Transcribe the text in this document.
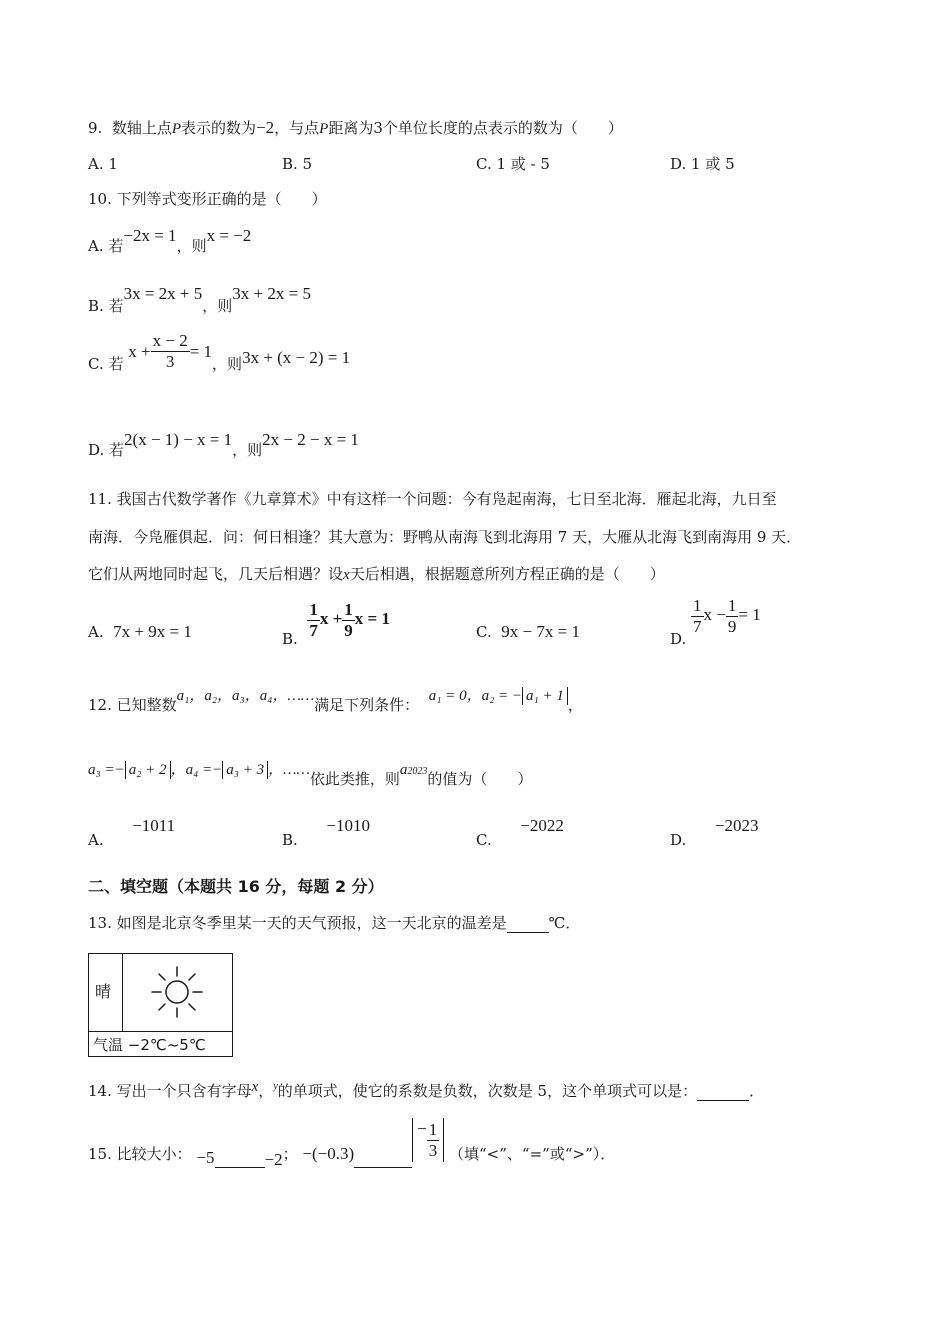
9. 数轴上点P表示的数为−2，与点P距离为3个单位长度的点表示的数为（　　）
A. 1	B. 5	C. 1 或 - 5	D. 1 或 5
10. 下列等式变形正确的是（　　）
A. 若−2x = 1，则x = −2
B. 若3x = 2x + 5，则3x + 2x = 5
C. 若 $x + \frac{x - 2}{3} = 1$，则3x + (x − 2) = 1
D. 若2(x − 1) − x = 1，则2x − 2 − x = 1
11. 我国古代数学著作《九章算术》中有这样一个问题：今有凫起南海，七日至北海．雁起北海，九日至
南海．今凫雁俱起．问：何日相逢？其大意为：野鸭从南海飞到北海用 7 天，大雁从北海飞到南海用 9 天．
它们从两地同时起飞，几天后相遇？设x天后相遇，根据题意所列方程正确的是（　　）
A. 7x + 9x = 1	B. $\frac{1}{7}$ $x + \frac{1}{9}$ x = 1
C. 9x − 7x = 1	D.
$\frac{1}{7}$ $x - \frac{1}{9} = 1$
12. 已知整数a₁，a₂，a₃，a₄，……满足下列条件： a₁ = 0，a₂ = − a₁ + 1 ，
a₃ =− a₂ + 2 ，a₄ =− a₃ + 3 ，……依此类推，则a2023的值为（　　）
A.      −1011
B.      −1010
C.      −2022
D.      −2023
二、填空题（本题共 16 分，每题 2 分）
13. 如图是北京冬季里某一天的天气预报，这一天北京的温差是	℃．
晴
气温 −2℃~5℃
14. 写出一个只含有字母x，$^y$的单项式，使它的系数是负数，次数是 5，这个单项式可以是：	．
15. 比较大小： −5	−2； $-(-0.3) - \frac{1}{3}$ （填“<”、“=”或“>”）．
